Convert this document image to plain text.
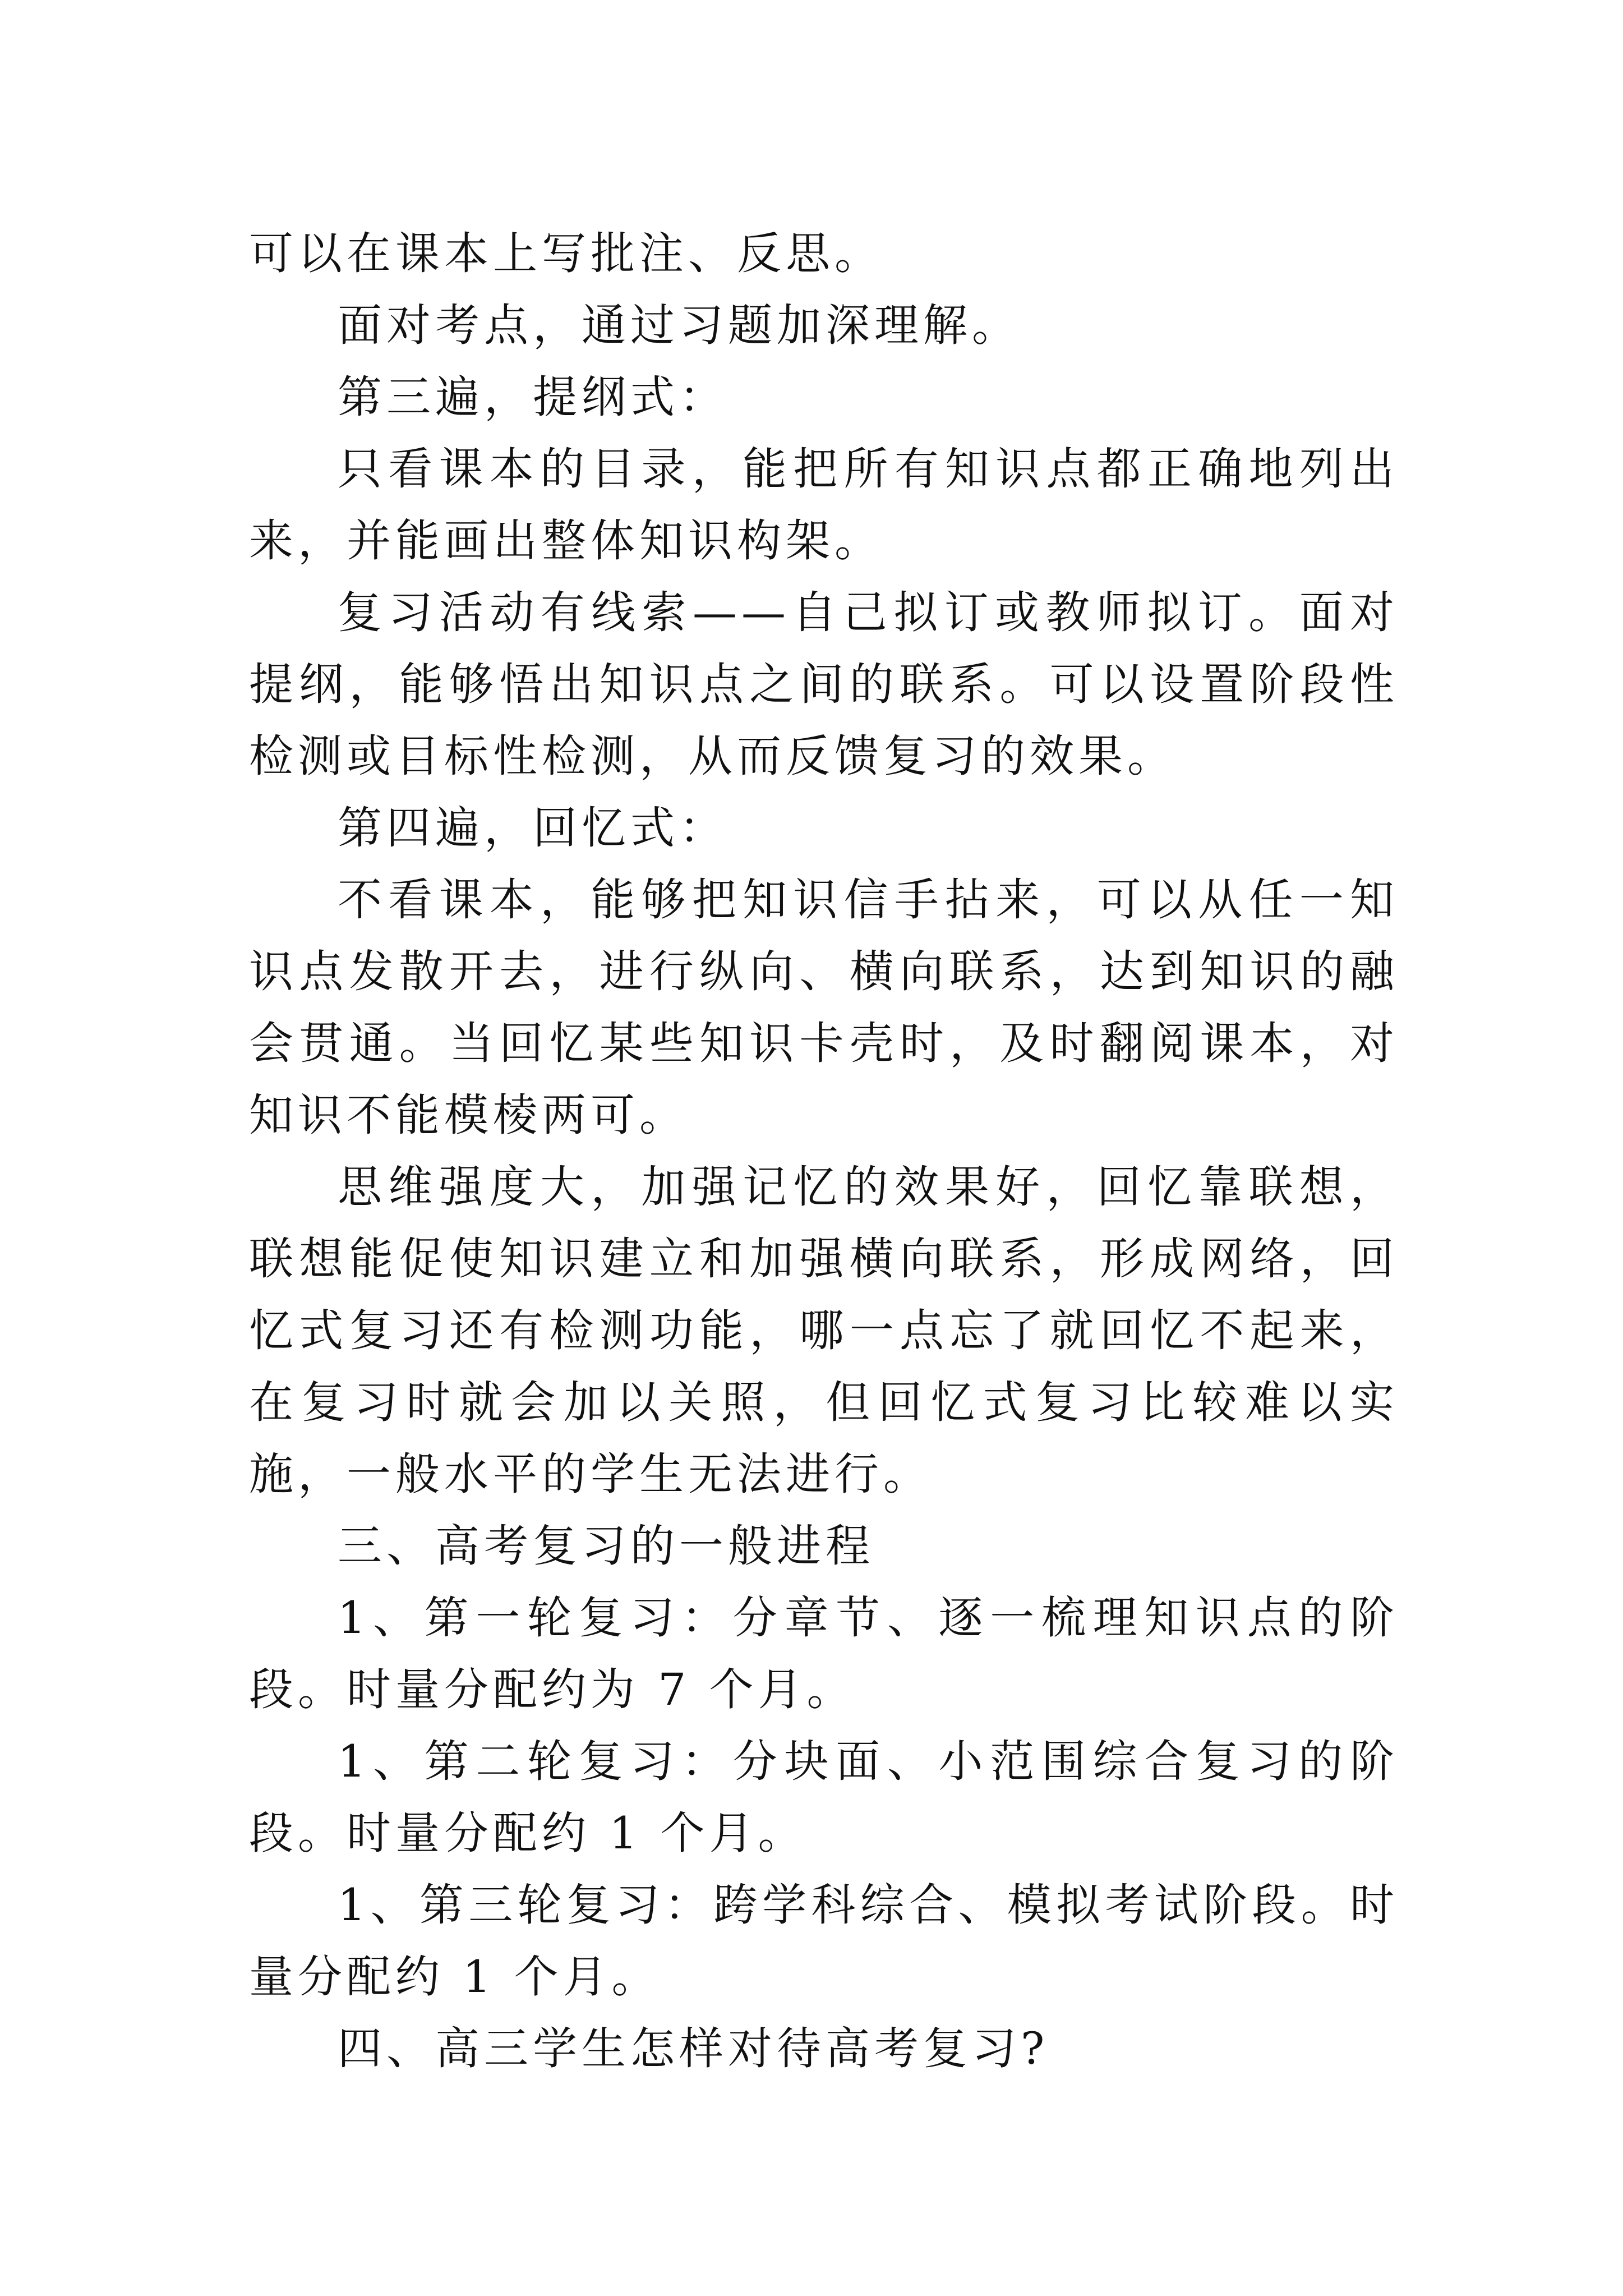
可以在课本上写批注、反思。

面对考点，通过习题加深理解。

第三遍，提纲式：

只看课本的目录，能把所有知识点都正确地列出来，并能画出整体知识构架。

复习活动有线索——自己拟订或教师拟订。面对提纲，能够悟出知识点之间的联系。可以设置阶段性检测或目标性检测，从而反馈复习的效果。

第四遍，回忆式：

不看课本，能够把知识信手拈来，可以从任一知识点发散开去，进行纵向、横向联系，达到知识的融会贯通。当回忆某些知识卡壳时，及时翻阅课本，对知识不能模棱两可。

思维强度大，加强记忆的效果好，回忆靠联想，联想能促使知识建立和加强横向联系，形成网络，回忆式复习还有检测功能，哪一点忘了就回忆不起来，在复习时就会加以关照，但回忆式复习比较难以实施，一般水平的学生无法进行。

三、高考复习的一般进程

1、第一轮复习：分章节、逐一梳理知识点的阶段。时量分配约为 7 个月。

1、第二轮复习：分块面、小范围综合复习的阶段。时量分配约 1 个月。

1、第三轮复习：跨学科综合、模拟考试阶段。时量分配约 1 个月。

四、高三学生怎样对待高考复习?
